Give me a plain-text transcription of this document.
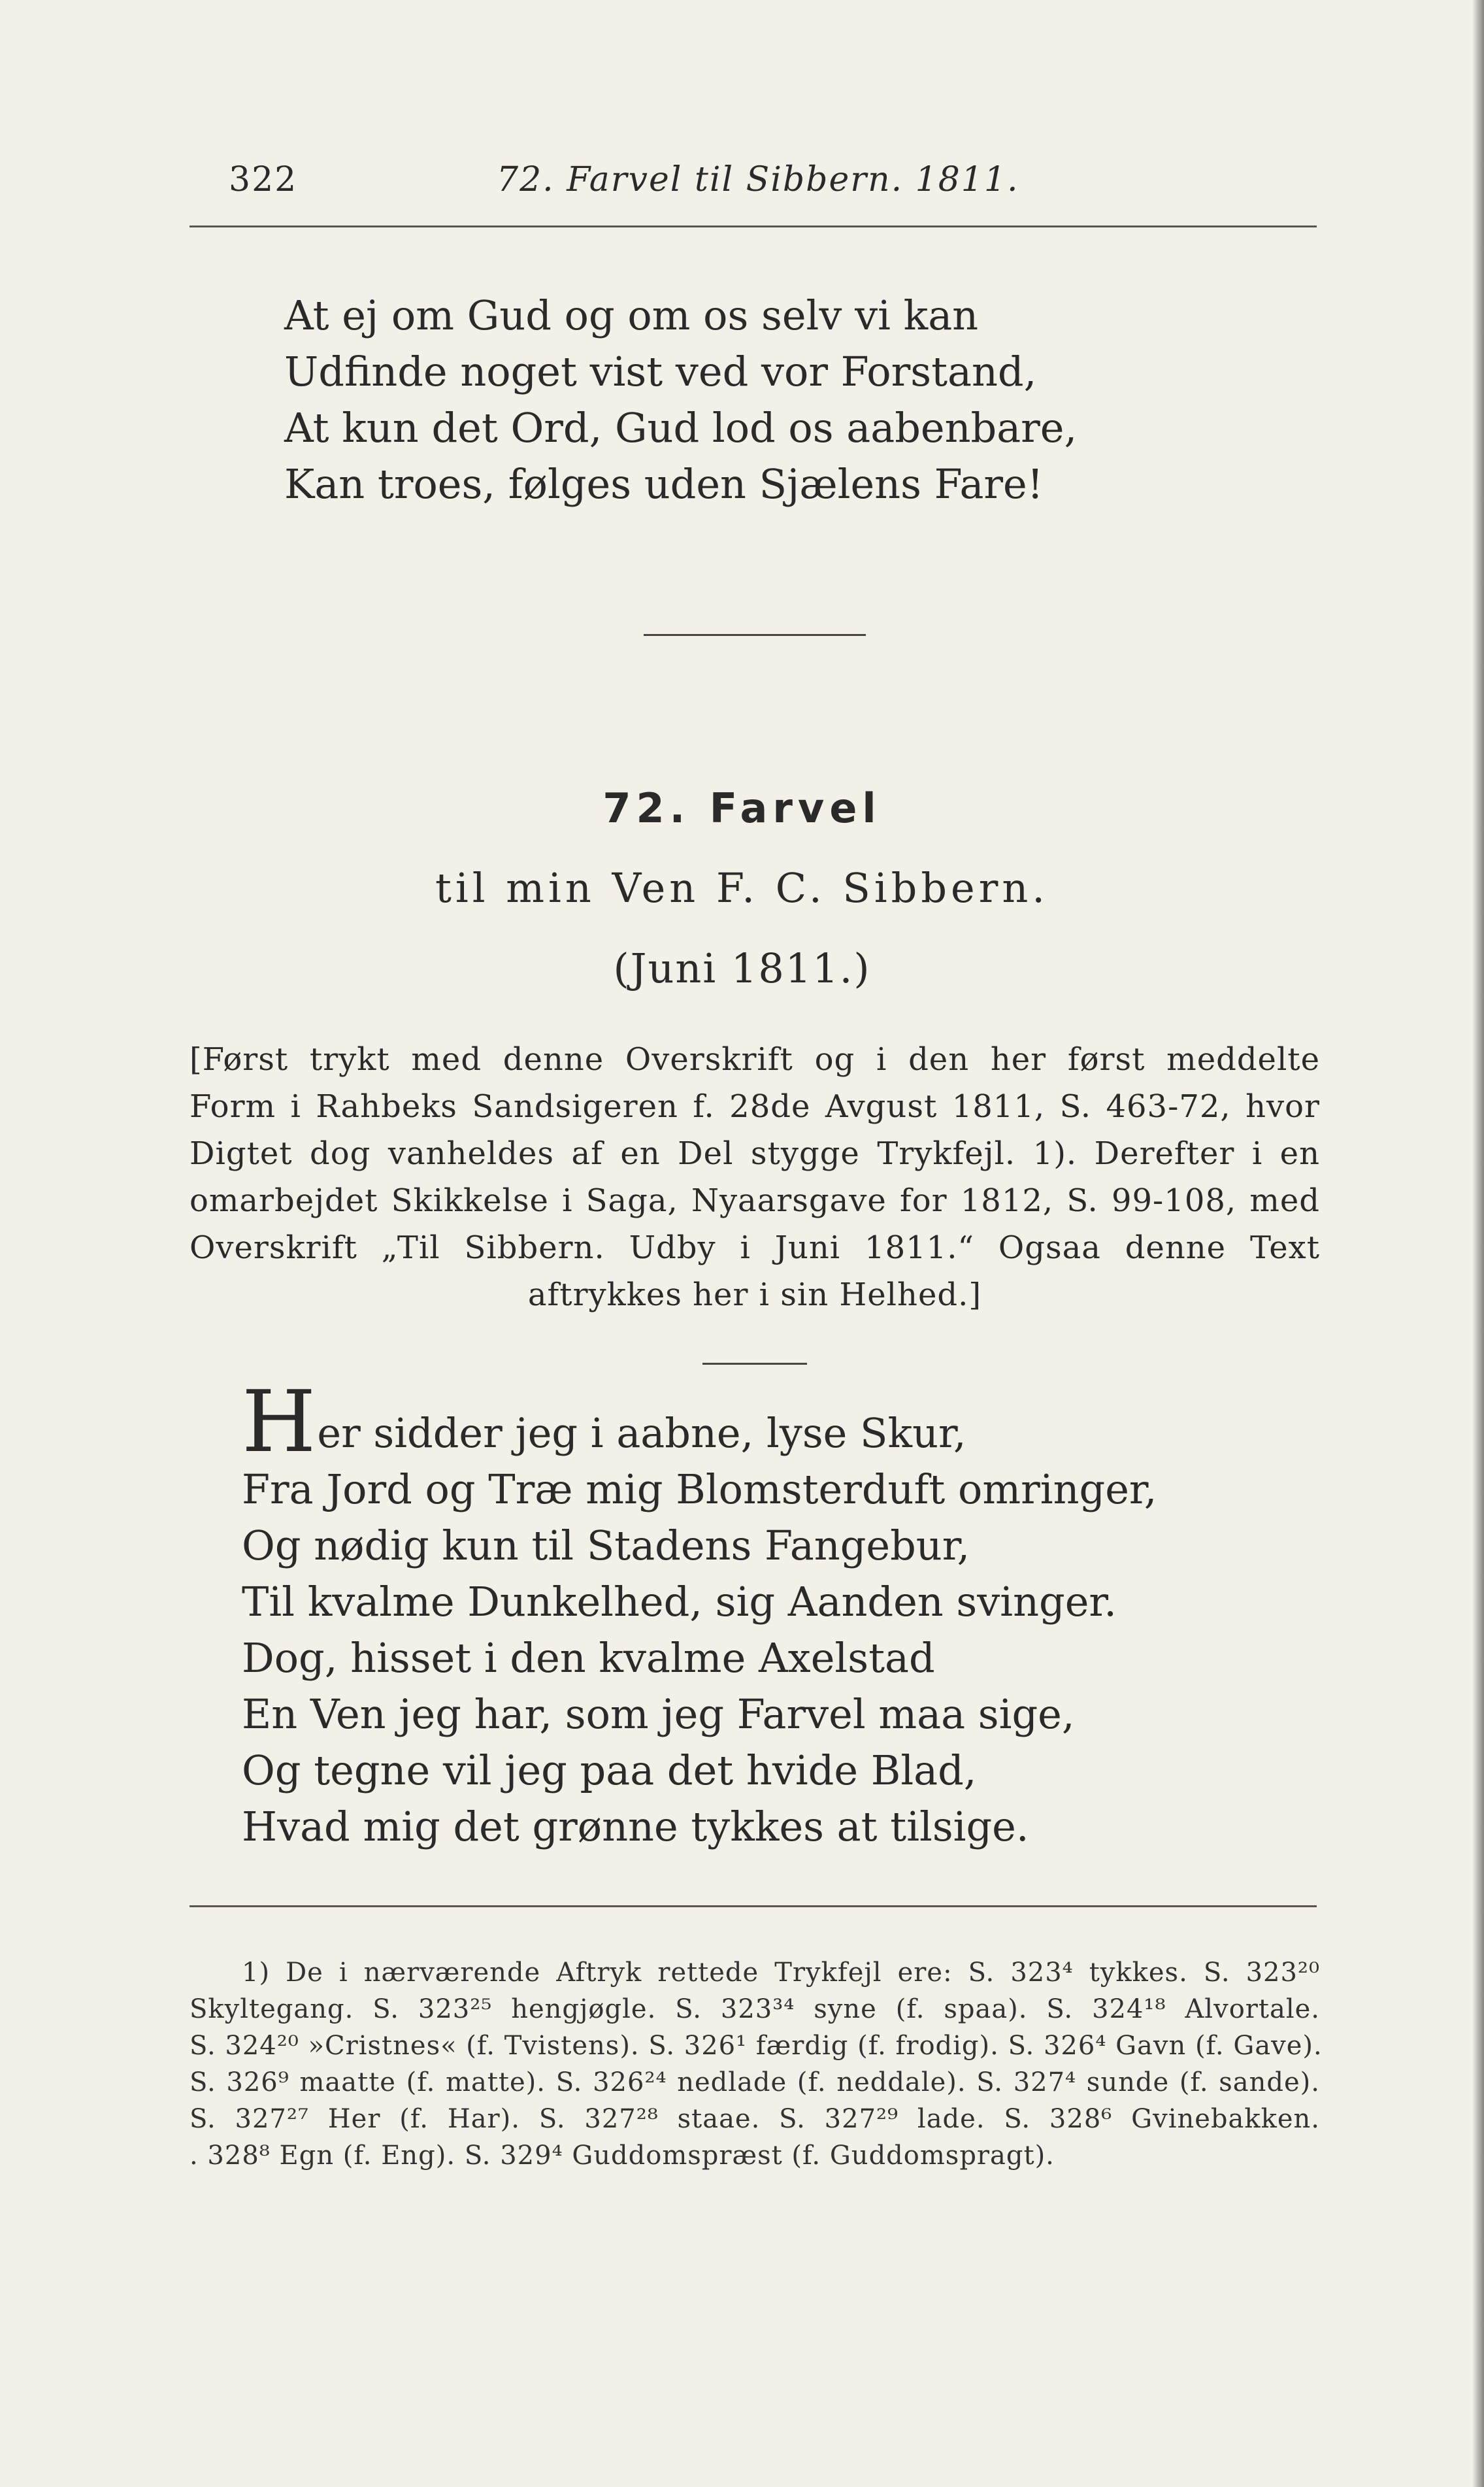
322	72. Farvel til Sibbern. 1811.
At ej om Gud og om os selv vi kan
Udfinde noget vist ved vor Forstand,
At kun det Ord, Gud lod os aabenbare,
Kan troes, følges uden Sjælens Fare!
72. Farvel
til min Ven F. C. Sibbern.
(Juni 1811.)
[Først trykt med denne Overskrift og i den her først meddelte
Form i Rahbeks Sandsigeren f. 28de Avgust 1811, S. 463-72, hvor
Digtet dog vanheldes af en Del stygge Trykfejl. 1). Derefter i en
omarbejdet Skikkelse i Saga, Nyaarsgave for 1812, S. 99-108, med
Overskrift „Til Sibbern. Udby i Juni 1811.“ Ogsaa denne Text
aftrykkes her i sin Helhed.]
Her sidder jeg i aabne, lyse Skur,
Fra Jord og Træ mig Blomsterduft omringer,
Og nødig kun til Stadens Fangebur,
Til kvalme Dunkelhed, sig Aanden svinger.
Dog, hisset i den kvalme Axelstad
En Ven jeg har, som jeg Farvel maa sige,
Og tegne vil jeg paa det hvide Blad,
Hvad mig det grønne tykkes at tilsige.
1) De i nærværende Aftryk rettede Trykfejl ere: S. 323⁴ tykkes. S. 323²⁰
Skyltegang. S. 323²⁵ hengjøgle. S. 323³⁴ syne (f. spaa). S. 324¹⁸ Alvortale.
S. 324²⁰ »Cristnes« (f. Tvistens). S. 326¹ færdig (f. frodig). S. 326⁴ Gavn (f. Gave).
S. 326⁹ maatte (f. matte). S. 326²⁴ nedlade (f. neddale). S. 327⁴ sunde (f. sande).
S. 327²⁷ Her (f. Har). S. 327²⁸ staae. S. 327²⁹ lade. S. 328⁶ Gvinebakken.
. 328⁸ Egn (f. Eng). S. 329⁴ Guddomspræst (f. Guddomspragt).
